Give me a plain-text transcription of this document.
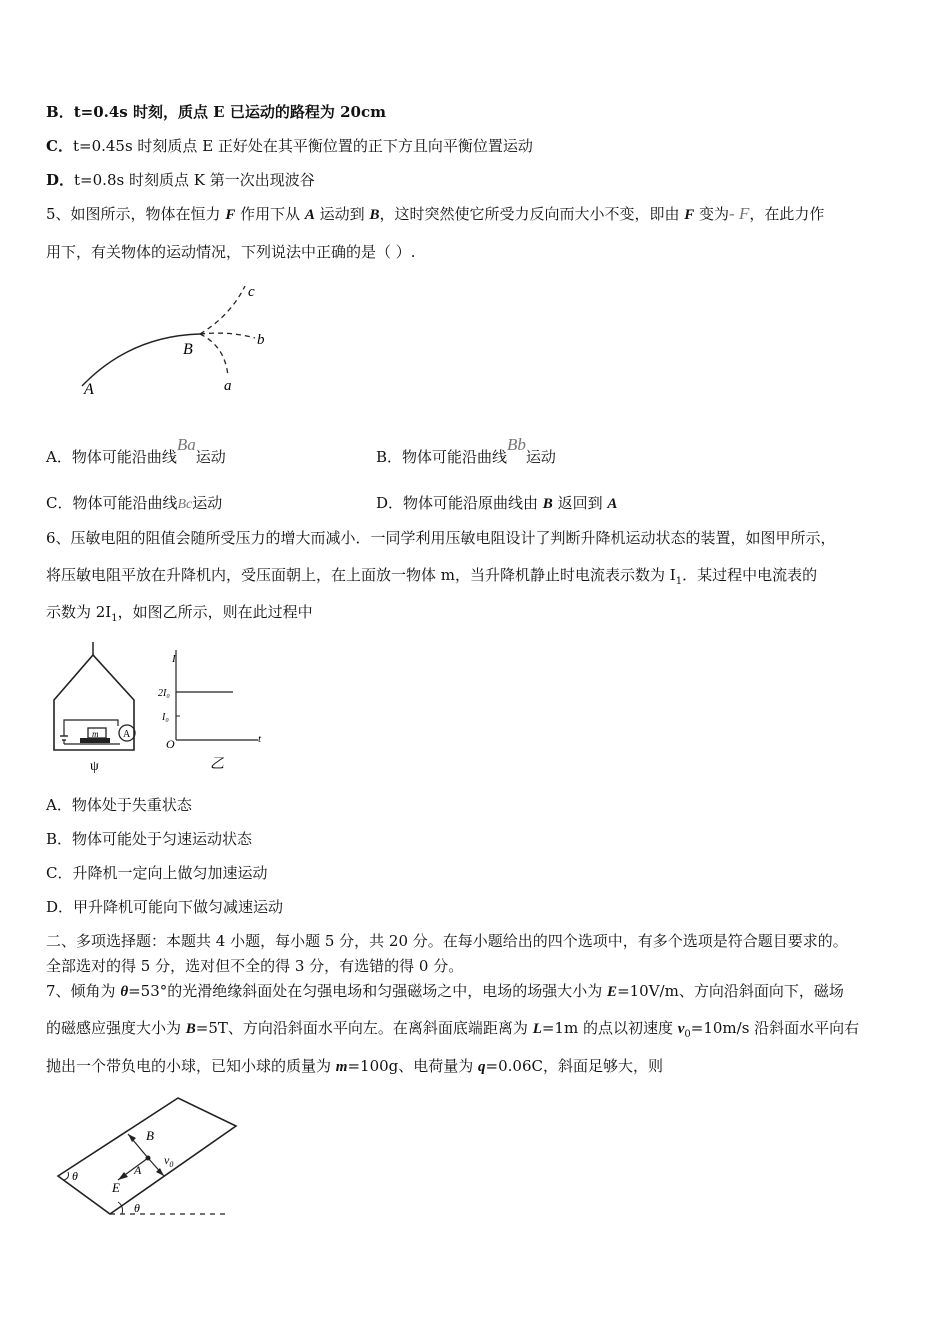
B．t=0.4s 时刻，质点 E 已运动的路程为 20cm
C．t=0.45s 时刻质点 E 正好处在其平衡位置的正下方且向平衡位置运动
D．t=0.8s 时刻质点 K 第一次出现波谷
5、如图所示，物体在恒力 F 作用下从 A 运动到 B，这时突然使它所受力反向而大小不变，即由 F 变为- F，在此力作
用下，有关物体的运动情况，下列说法中正确的是（ ）.
c
b
a
B
A
A．物体可能沿曲线Ba运动	B．物体可能沿曲线Bb运动
C．物体可能沿曲线Bc运动	D．物体可能沿原曲线由 B 返回到 A
6、压敏电阻的阻值会随所受压力的增大而减小．一同学利用压敏电阻设计了判断升降机运动状态的装置，如图甲所示，
将压敏电阻平放在升降机内，受压面朝上，在上面放一物体 m，当升降机静止时电流表示数为 $I_1$．某过程中电流表的
示数为 $2I_1$，如图乙所示，则在此过程中
m A
ψ
I
t
O
2I₀
I₀
乙
A．物体处于失重状态
B．物体可能处于匀速运动状态
C．升降机一定向上做匀加速运动
D．甲升降机可能向下做匀减速运动
二、多项选择题：本题共 4 小题，每小题 5 分，共 20 分。在每小题给出的四个选项中，有多个选项是符合题目要求的。
全部选对的得 5 分，选对但不全的得 3 分，有选错的得 0 分。
7、倾角为 θ=53°的光滑绝缘斜面处在匀强电场和匀强磁场之中，电场的场强大小为 E=10V/m、方向沿斜面向下，磁场
的磁感应强度大小为 B=5T、方向沿斜面水平向左。在离斜面底端距离为 L=1m 的点以初速度 $v_0=10m/s$ 沿斜面水平向右
抛出一个带负电的小球，已知小球的质量为 m=100g、电荷量为 q=0.06C，斜面足够大，则
θ
θ
B
E
$v_0$
A
